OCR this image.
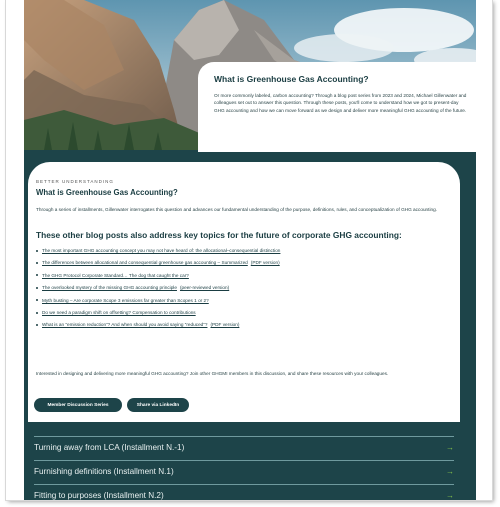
What is Greenhouse Gas Accounting?

Or more commonly labeled, carbon accounting? Through a blog post series from 2023 and 2024, Michael Gillenwater and colleagues set out to answer this question. Through these posts, you'll come to understand how we got to present-day GHG accounting and how we can move forward as we design and deliver more meaningful GHG accounting of the future.

BETTER UNDERSTANDING

What is Greenhouse Gas Accounting?

Through a series of installments, Gillenwater interrogates this question and advances our fundamental understanding of the purpose, definitions, rules, and conceptualization of GHG accounting.

These other blog posts also address key topics for the future of corporate GHG accounting:
The most important GHG accounting concept you may not have heard of: the allocational–consequential distinction
The differences between allocational and consequential greenhouse gas accounting – Summarized (PDF version)
The GHG Protocol Corporate Standard… The dog that caught the car?
The overlooked mystery of the missing GHG accounting principle (peer-reviewed version)
Myth busting – Are corporate Scope 3 emissions far greater than Scopes 1 or 2?
Do we need a paradigm shift on offsetting? Compensation to contributions
What is an “emission reduction”? And when should you avoid saying “reduced”? (PDF version)

Interested in designing and delivering more meaningful GHG accounting? Join other GHGMI members in this discussion, and share these resources with your colleagues.

Member Discussion Series	Share via LinkedIn
Turning away from LCA (Installment N.-1)	→
Furnishing definitions (Installment N.1)	→
Fitting to purposes (Installment N.2)	→
